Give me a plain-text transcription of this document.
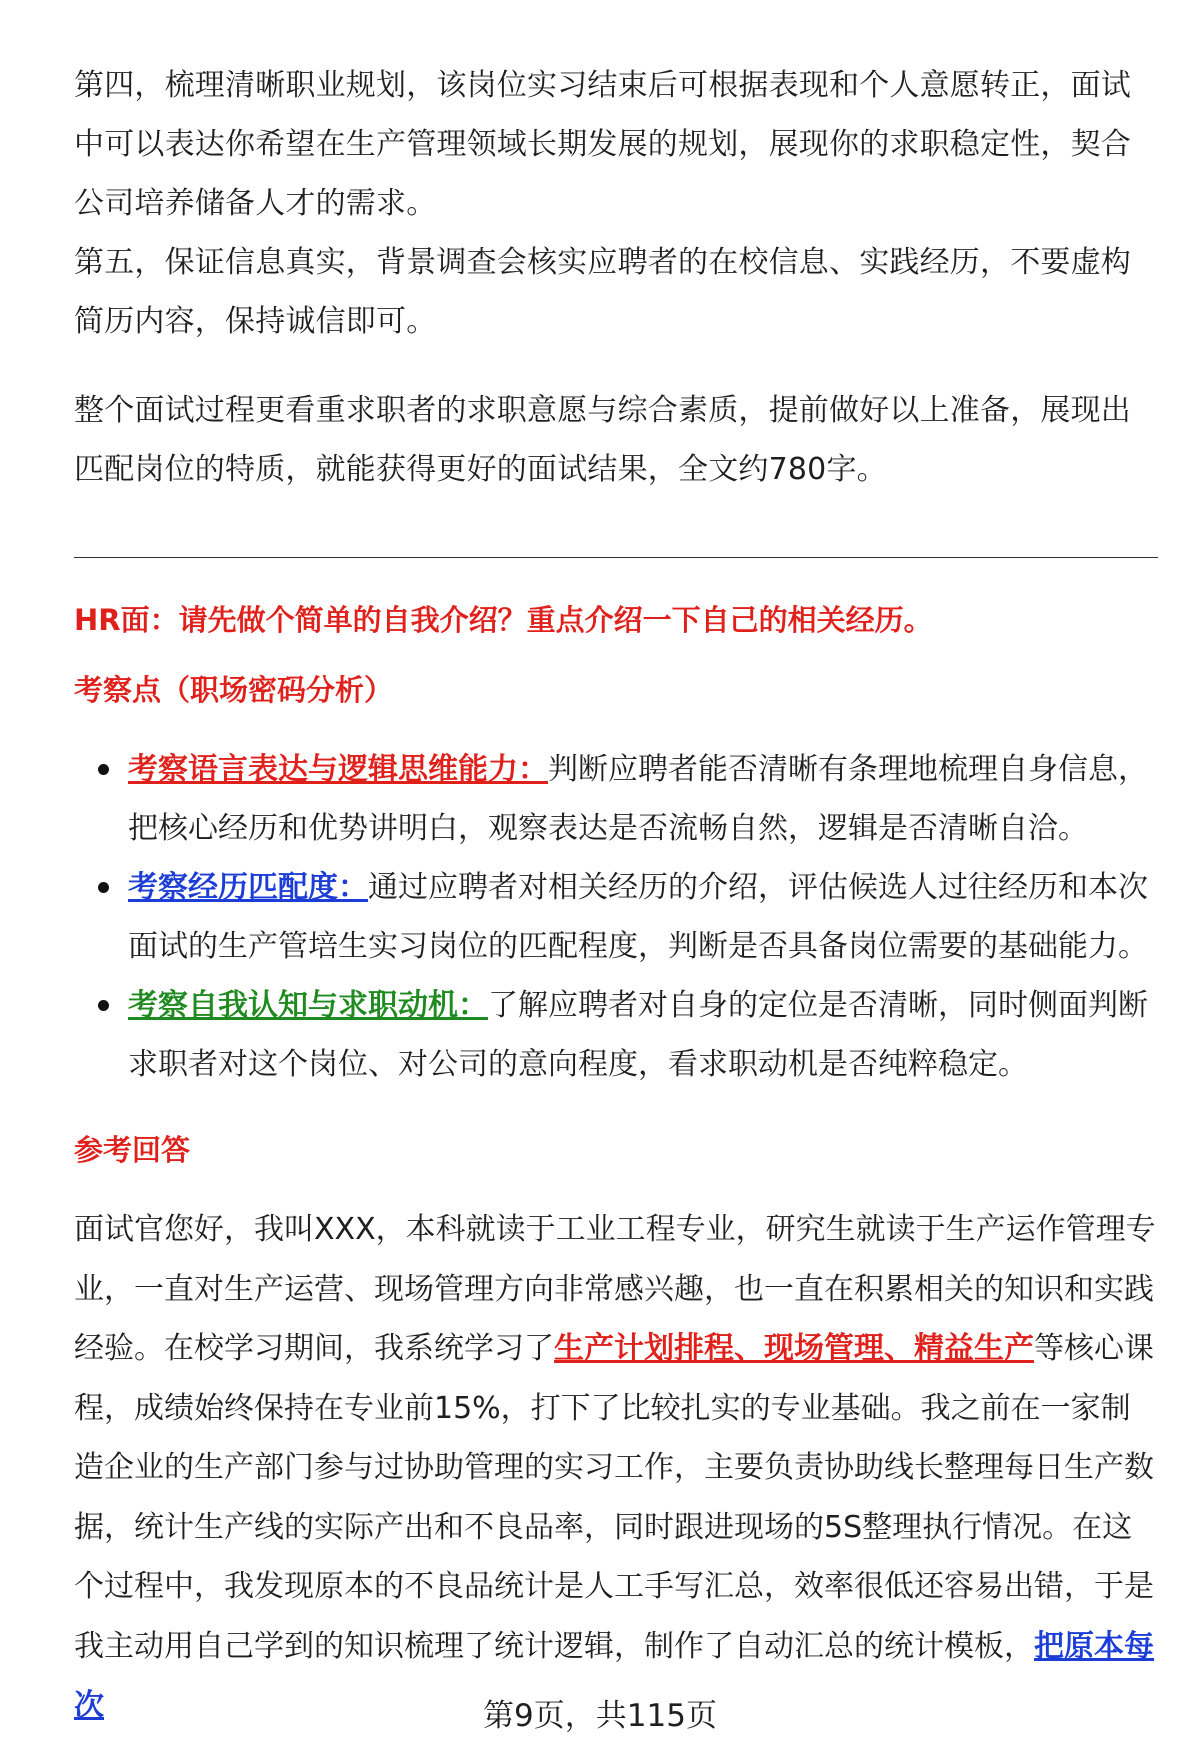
第四，梳理清晰职业规划，该岗位实习结束后可根据表现和个人意愿转正，面试中可以表达你希望在生产管理领域长期发展的规划，展现你的求职稳定性，契合公司培养储备人才的需求。

第五，保证信息真实，背景调查会核实应聘者的在校信息、实践经历，不要虚构简历内容，保持诚信即可。

整个面试过程更看重求职者的求职意愿与综合素质，提前做好以上准备，展现出匹配岗位的特质，就能获得更好的面试结果，全文约780字。

HR面：请先做个简单的自我介绍？重点介绍一下自己的相关经历。
考察点（职场密码分析）
考察语言表达与逻辑思维能力：判断应聘者能否清晰有条理地梳理自身信息，把核心经历和优势讲明白，观察表达是否流畅自然，逻辑是否清晰自洽。
考察经历匹配度：通过应聘者对相关经历的介绍，评估候选人过往经历和本次面试的生产管培生实习岗位的匹配程度，判断是否具备岗位需要的基础能力。
考察自我认知与求职动机：了解应聘者对自身的定位是否清晰，同时侧面判断求职者对这个岗位、对公司的意向程度，看求职动机是否纯粹稳定。
参考回答

面试官您好，我叫XXX，本科就读于工业工程专业，研究生就读于生产运作管理专业，一直对生产运营、现场管理方向非常感兴趣，也一直在积累相关的知识和实践经验。在校学习期间，我系统学习了生产计划排程、现场管理、精益生产等核心课程，成绩始终保持在专业前15%，打下了比较扎实的专业基础。我之前在一家制造企业的生产部门参与过协助管理的实习工作，主要负责协助线长整理每日生产数据，统计生产线的实际产出和不良品率，同时跟进现场的5S整理执行情况。在这个过程中，我发现原本的不良品统计是人工手写汇总，效率很低还容易出错，于是我主动用自己学到的知识梳理了统计逻辑，制作了自动汇总的统计模板，把原本每次	第9页，共115页
